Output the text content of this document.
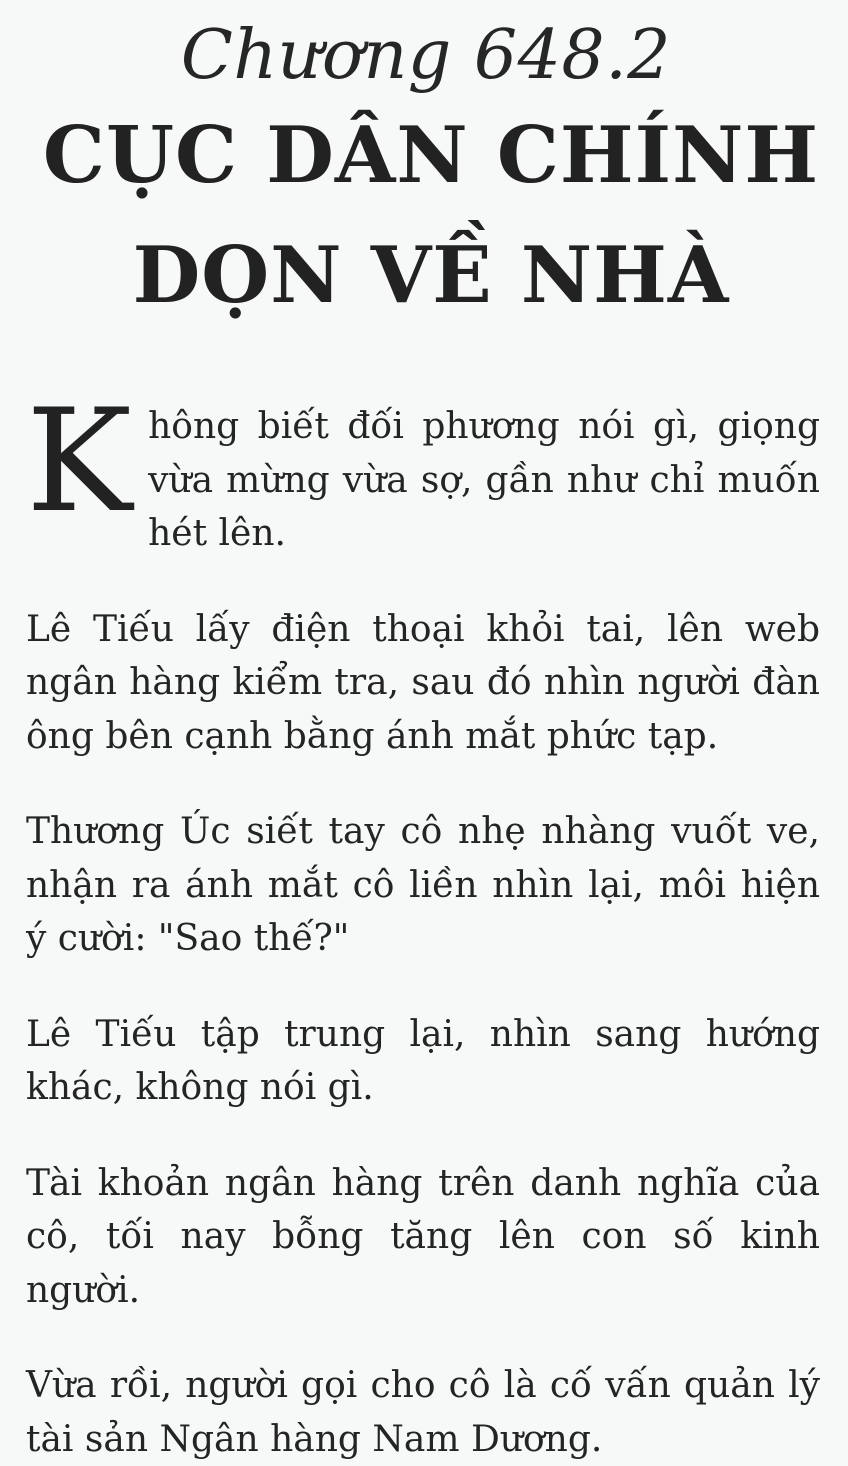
Chương 648.2
CỤC DÂN CHÍNH
DỌN VỀ NHÀ

Không biết đối phương nói gì, giọng vừa mừng vừa sợ, gần như chỉ muốn hét lên.

Lê Tiếu lấy điện thoại khỏi tai, lên web ngân hàng kiểm tra, sau đó nhìn người đàn ông bên cạnh bằng ánh mắt phức tạp.

Thương Úc siết tay cô nhẹ nhàng vuốt ve, nhận ra ánh mắt cô liền nhìn lại, môi hiện ý cười: "Sao thế?"

Lê Tiếu tập trung lại, nhìn sang hướng khác, không nói gì.

Tài khoản ngân hàng trên danh nghĩa của cô, tối nay bỗng tăng lên con số kinh người.

Vừa rồi, người gọi cho cô là cố vấn quản lý tài sản Ngân hàng Nam Dương.
